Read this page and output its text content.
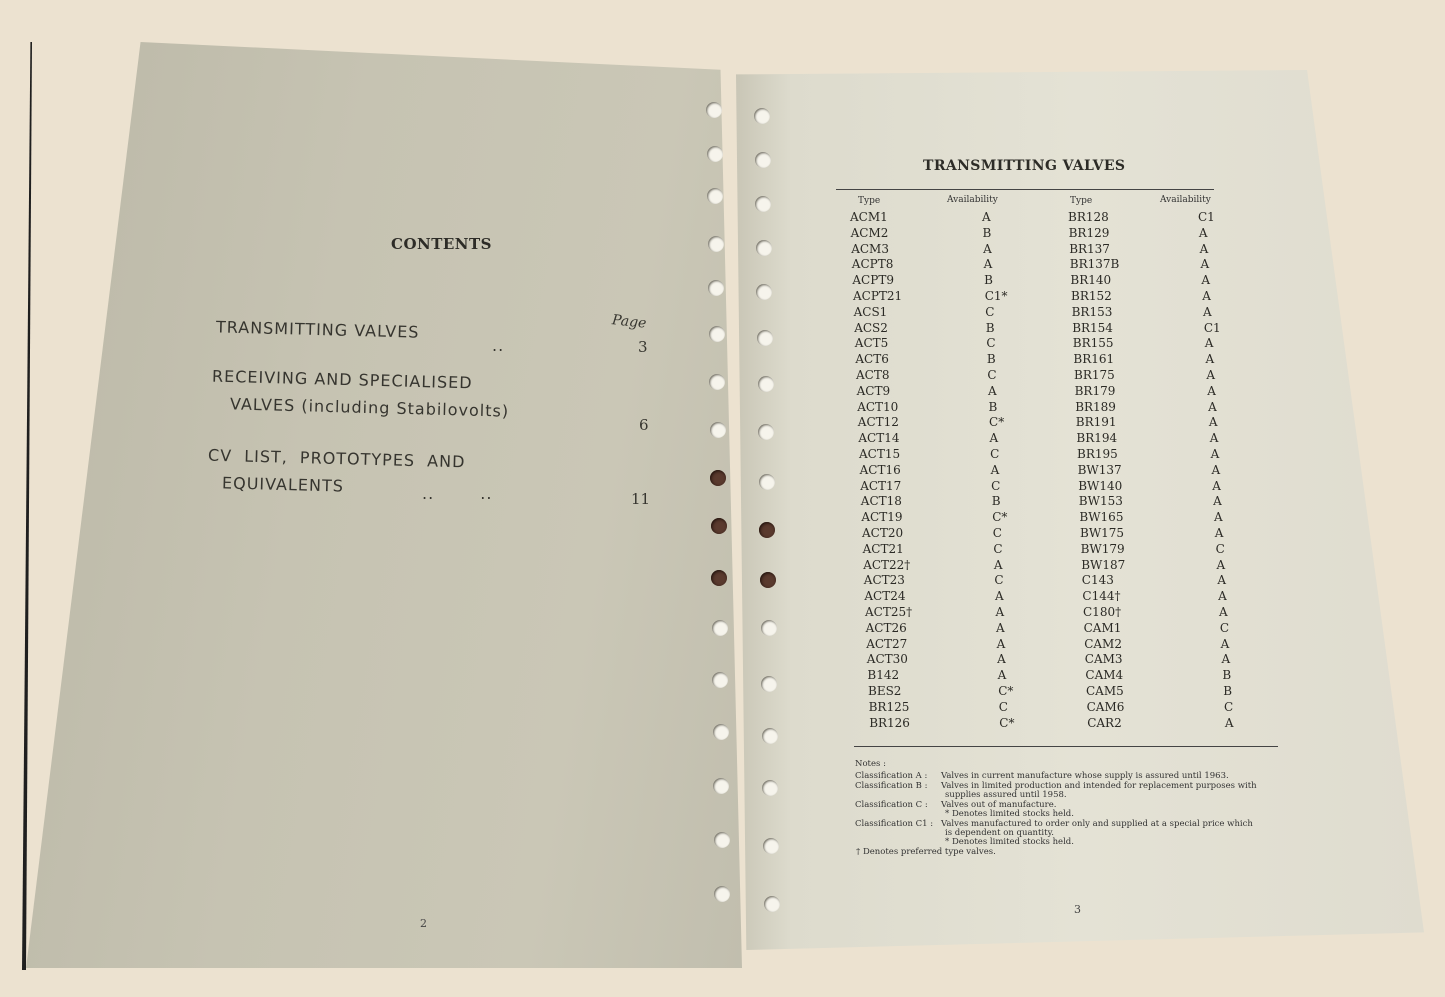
CONTENTS
Page
TRANSMITTING VALVES
..	3
RECEIVING AND SPECIALISED
VALVES (including Stabilovolts)
6
CV LIST, PROTOTYPES AND
EQUIVALENTS	.. ..	11
2
TRANSMITTING VALVES
Type	Availability	Type	Availability
ACM1	A	BR128	C1
ACM2	B	BR129	A
ACM3	A	BR137	A
ACPT8	A	BR137B	A
ACPT9	B	BR140	A
ACPT21	C1*	BR152	A
ACS1	C	BR153	A
ACS2	B	BR154	C1
ACT5	C	BR155	A
ACT6	B	BR161	A
ACT8	C	BR175	A
ACT9	A	BR179	A
ACT10	B	BR189	A
ACT12	C*	BR191	A
ACT14	A	BR194	A
ACT15	C	BR195	A
ACT16	A	BW137	A
ACT17	C	BW140	A
ACT18	B	BW153	A
ACT19	C*	BW165	A
ACT20	C	BW175	A
ACT21	C	BW179	C
ACT22†	A	BW187	A
ACT23	C	C143	A
ACT24	A	C144†	A
ACT25†	A	C180†	A
ACT26	A	CAM1	C
ACT27	A	CAM2	A
ACT30	A	CAM3	A
B142	A	CAM4	B
BES2	C*	CAM5	B
BR125	C	CAM6	C
BR126	C*	CAR2	A
Notes :
Classification A : Valves in current manufacture whose supply is assured until 1963.
Classification B : Valves in limited production and intended for replacement purposes with
supplies assured until 1958.
Classification C : Valves out of manufacture.
* Denotes limited stocks held.
Classification C1 : Valves manufactured to order only and supplied at a special price which
is dependent on quantity.
* Denotes limited stocks held.
† Denotes preferred type valves.
3
